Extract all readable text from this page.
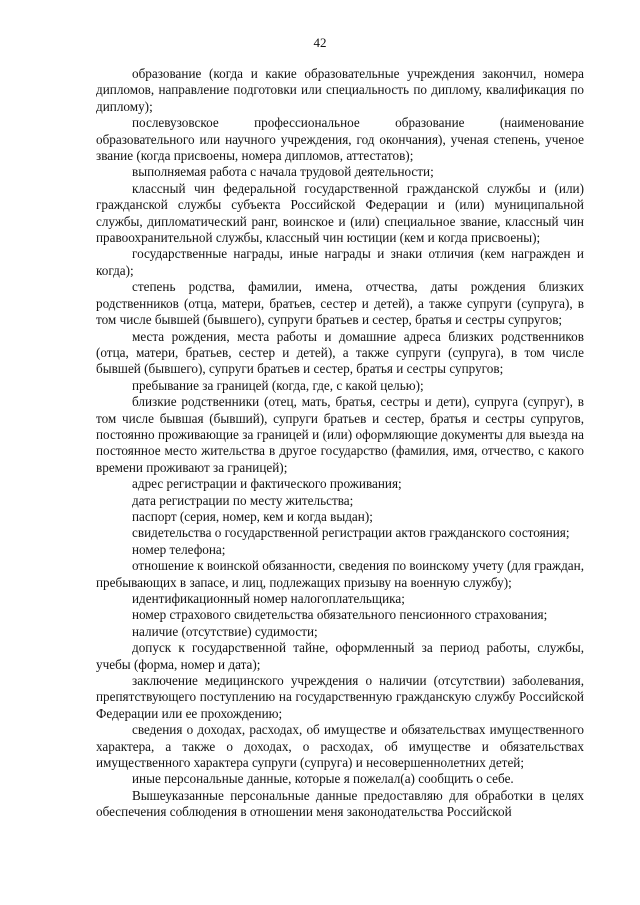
42

образование (когда и какие образовательные учреждения закончил, номера дипломов, направление подготовки или специальность по диплому, квалификация по диплому);

послевузовское профессиональное образование (наименование образовательного или научного учреждения, год окончания), ученая степень, ученое звание (когда присвоены, номера дипломов, аттестатов);

выполняемая работа с начала трудовой деятельности;

классный чин федеральной государственной гражданской службы и (или) гражданской службы субъекта Российской Федерации и (или) муниципальной службы, дипломатический ранг, воинское и (или) специальное звание, классный чин правоохранительной службы, классный чин юстиции (кем и когда присвоены);

государственные награды, иные награды и знаки отличия (кем награжден и когда);

степень родства, фамилии, имена, отчества, даты рождения близких родственников (отца, матери, братьев, сестер и детей), а также супруги (супруга), в том числе бывшей (бывшего), супруги братьев и сестер, братья и сестры супругов;

места рождения, места работы и домашние адреса близких родственников (отца, матери, братьев, сестер и детей), а также супруги (супруга), в том числе бывшей (бывшего), супруги братьев и сестер, братья и сестры супругов;

пребывание за границей (когда, где, с какой целью);

близкие родственники (отец, мать, братья, сестры и дети), супруга (супруг), в том числе бывшая (бывший), супруги братьев и сестер, братья и сестры супругов, постоянно проживающие за границей и (или) оформляющие документы для выезда на постоянное место жительства в другое государство (фамилия, имя, отчество, с какого времени проживают за границей);

адрес регистрации и фактического проживания;

дата регистрации по месту жительства;

паспорт (серия, номер, кем и когда выдан);

свидетельства о государственной регистрации актов гражданского состояния;

номер телефона;

отношение к воинской обязанности, сведения по воинскому учету (для граждан, пребывающих в запасе, и лиц, подлежащих призыву на военную службу);

идентификационный номер налогоплательщика;

номер страхового свидетельства обязательного пенсионного страхования;

наличие (отсутствие) судимости;

допуск к государственной тайне, оформленный за период работы, службы, учебы (форма, номер и дата);

заключение медицинского учреждения о наличии (отсутствии) заболевания, препятствующего поступлению на государственную гражданскую службу Российской Федерации или ее прохождению;

сведения о доходах, расходах, об имуществе и обязательствах имущественного характера, а также о доходах, о расходах, об имуществе и обязательствах имущественного характера супруги (супруга) и несовершеннолетних детей;

иные персональные данные, которые я пожелал(а) сообщить о себе.

Вышеуказанные персональные данные предоставляю для обработки в целях обеспечения соблюдения в отношении меня законодательства Российской
